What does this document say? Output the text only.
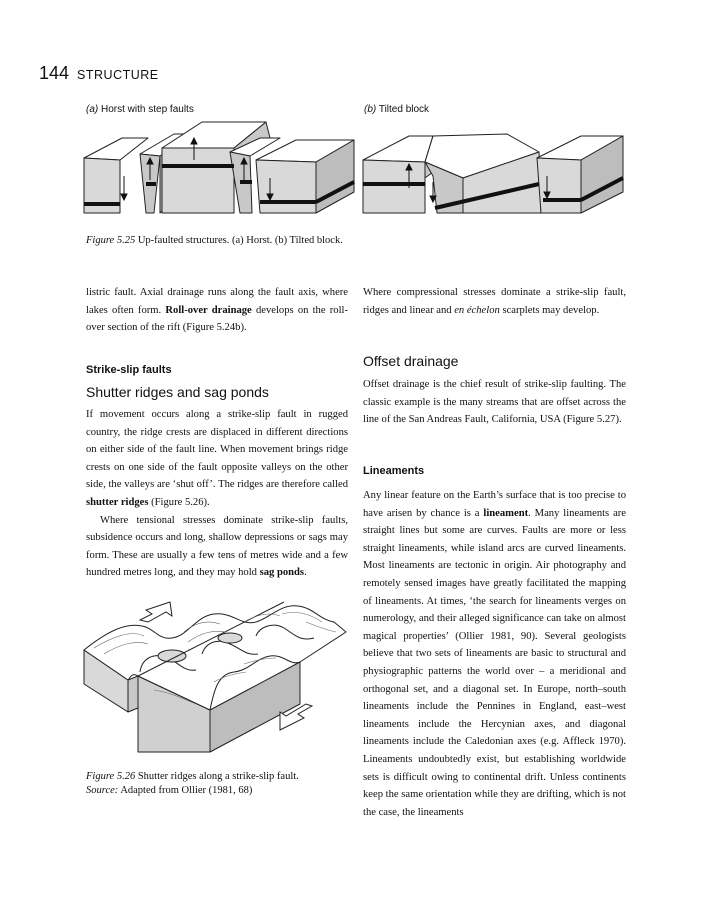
144 STRUCTURE
(a) Horst with step faults	(b) Tilted block
Figure 5.25 Up-faulted structures. (a) Horst. (b) Tilted block.

listric fault. Axial drainage runs along the fault axis, where lakes often form. Roll-over drainage develops on the roll-over section of the rift (Figure 5.24b).

Strike-slip faults
Shutter ridges and sag ponds

If movement occurs along a strike-slip fault in rugged country, the ridge crests are displaced in different directions on either side of the fault line. When movement brings ridge crests on one side of the fault opposite valleys on the other side, the valleys are ‘shut off’. The ridges are therefore called shutter ridges (Figure 5.26).

Where tensional stresses dominate strike-slip faults, subsidence occurs and long, shallow depressions or sags may form. These are usually a few tens of metres wide and a few hundred metres long, and they may hold sag ponds.

Figure 5.26 Shutter ridges along a strike-slip fault.
Source: Adapted from Ollier (1981, 68)

Where compressional stresses dominate a strike-slip fault, ridges and linear and en échelon scarplets may develop.

Offset drainage

Offset drainage is the chief result of strike-slip faulting. The classic example is the many streams that are offset across the line of the San Andreas Fault, California, USA (Figure 5.27).

Lineaments

Any linear feature on the Earth’s surface that is too precise to have arisen by chance is a lineament. Many lineaments are straight lines but some are curves. Faults are more or less straight lineaments, while island arcs are curved lineaments. Most lineaments are tectonic in origin. Air photography and remotely sensed images have greatly facilitated the mapping of lineaments. At times, ‘the search for lineaments verges on numerology, and their alleged significance can take on almost magical properties’ (Ollier 1981, 90). Several geologists believe that two sets of lineaments are basic to structural and physiographic patterns the world over – a meridional and orthogonal set, and a diagonal set. In Europe, north–south lineaments include the Pennines in England, east–west lineaments include the Hercynian axes, and diagonal lineaments include the Caledonian axes (e.g. Affleck 1970). Lineaments undoubtedly exist, but establishing worldwide sets is difficult owing to continental drift. Unless continents keep the same orientation while they are drifting, which is not the case, the lineaments
